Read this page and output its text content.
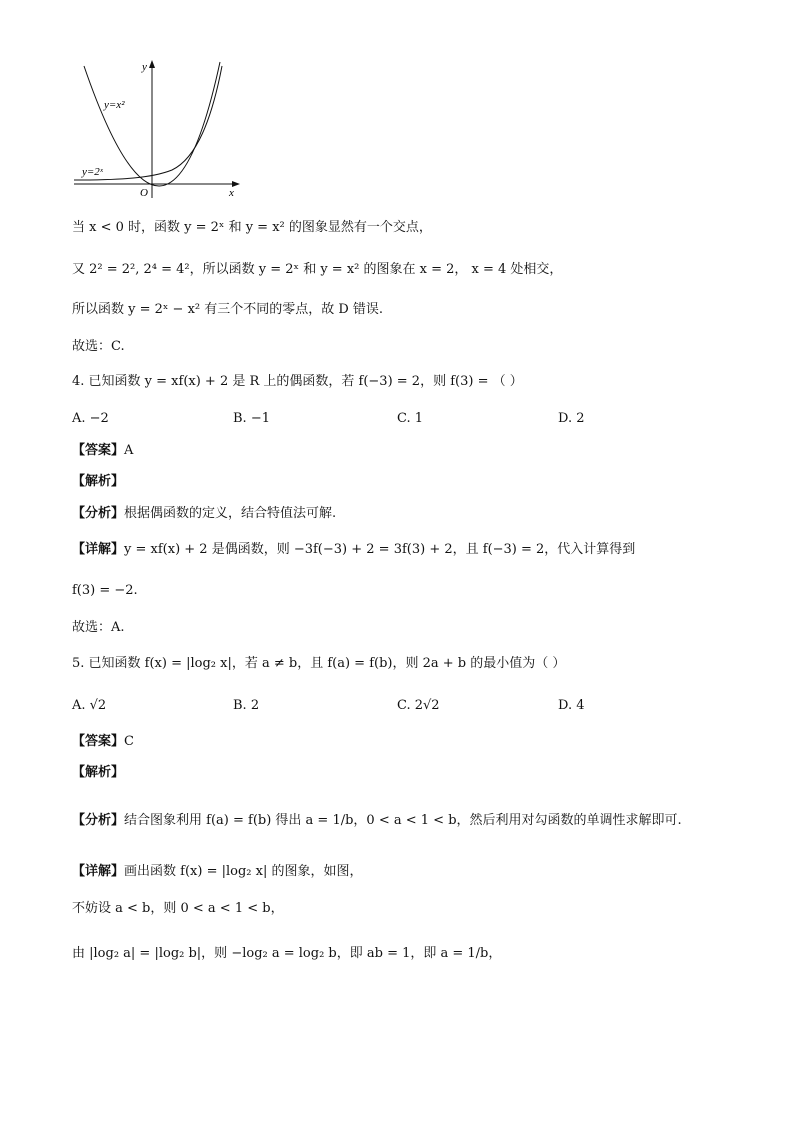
y
x
O
y=x²
y=2ˣ
当 x < 0 时，函数 y = 2ˣ 和 y = x² 的图象显然有一个交点，
又 2² = 2², 2⁴ = 4²，所以函数 y = 2ˣ 和 y = x² 的图象在 x = 2， x = 4 处相交，
所以函数 y = 2ˣ − x² 有三个不同的零点，故 D 错误.
故选：C.
4. 已知函数 y = xf(x) + 2 是 R 上的偶函数，若 f(−3) = 2，则 f(3) = （ ）
A. −2	B. −1	C. 1	D. 2
【答案】A
【解析】
【分析】根据偶函数的定义，结合特值法可解.
【详解】y = xf(x) + 2 是偶函数，则 −3f(−3) + 2 = 3f(3) + 2，且 f(−3) = 2，代入计算得到
f(3) = −2.
故选：A.
5. 已知函数 f(x) = |log₂ x|，若 a ≠ b，且 f(a) = f(b)，则 2a + b 的最小值为（ ）
A. √2	B. 2	C. 2√2	D. 4
【答案】C
【解析】
【分析】结合图象利用 f(a) = f(b) 得出 a = 1/b，0 < a < 1 < b，然后利用对勾函数的单调性求解即可.
【详解】画出函数 f(x) = |log₂ x| 的图象，如图，
不妨设 a < b，则 0 < a < 1 < b，
由 |log₂ a| = |log₂ b|，则 −log₂ a = log₂ b，即 ab = 1，即 a = 1/b，
